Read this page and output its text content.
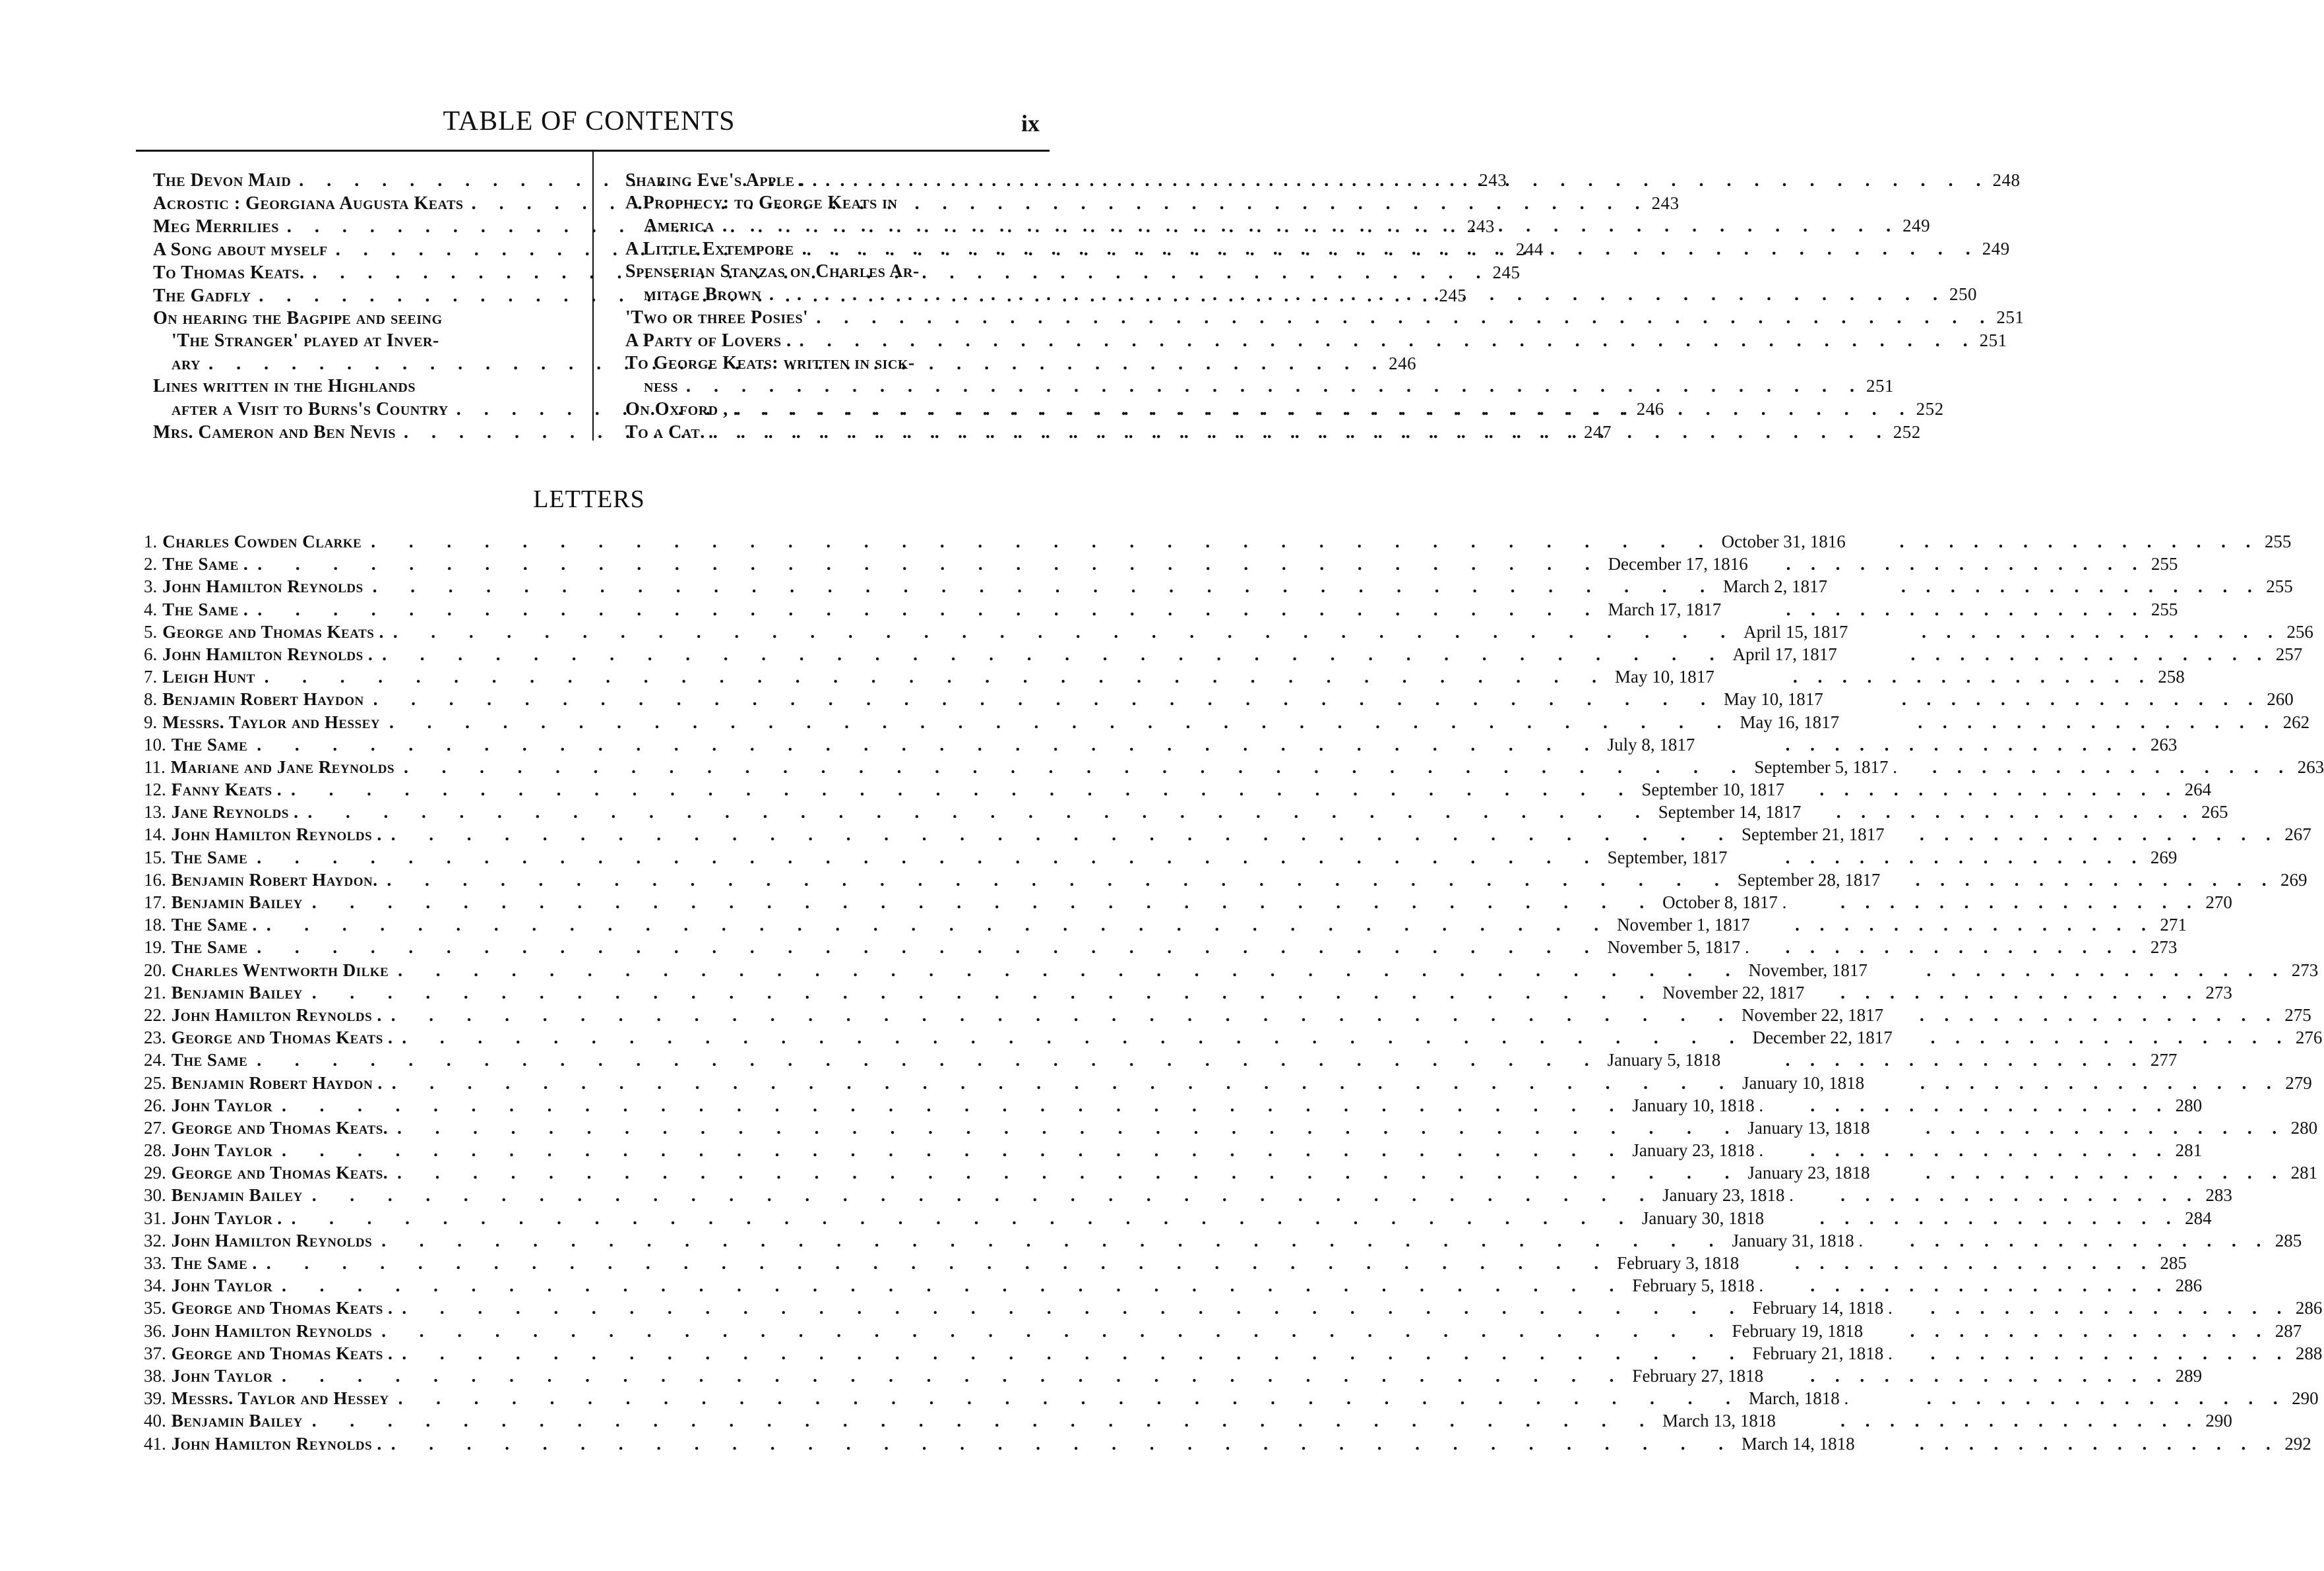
TABLE OF CONTENTS	ix
The Devon Maid . . .	243
Acrostic : Georgiana Augusta Keats . . .	243
Meg Merrilies . . .	243
A Song about myself . . .	244
To Thomas Keats. . . .	245
The Gadfly . . .	245
On hearing the Bagpipe and seeing
'The Stranger' played at Inver-
ary . . .	246
Lines written in the Highlands
after a Visit to Burns's Country . . .	246
Mrs. Cameron and Ben Nevis . . .	247
Sharing Eve's Apple . . . .	248
A Prophecy: to George Keats in
America . . .	249
A Little Extempore . . .	249
Spenserian Stanzas on Charles Ar-
mitage Brown . . .	250
'Two or three Posies' . . .	251
A Party of Lovers . . . .	251
To George Keats: written in sick-
ness . . .	251
On Oxford , . . .	252
To a Cat. . . .	252
LETTERS
1. Charles Cowden Clarke . . .	October 31, 1816 . . .	255
2. The Same . . . .	December 17, 1816 . . .	255
3. John Hamilton Reynolds . . .	March 2, 1817 . . .	255
4. The Same . . . .	March 17, 1817 . . .	255
5. George and Thomas Keats . . . .	April 15, 1817 . . .	256
6. John Hamilton Reynolds . . . .	April 17, 1817 . . .	257
7. Leigh Hunt . . .	May 10, 1817 . . .	258
8. Benjamin Robert Haydon . . .	May 10, 1817 . . .	260
9. Messrs. Taylor and Hessey . . .	May 16, 1817 . . .	262
10. The Same . . .	July 8, 1817 . . .	263
11. Mariane and Jane Reynolds . . .	September 5, 1817 . . . .	263
12. Fanny Keats . . . .	September 10, 1817 . . .	264
13. Jane Reynolds . . . .	September 14, 1817 . . .	265
14. John Hamilton Reynolds . . . .	September 21, 1817 . . .	267
15. The Same . . .	September, 1817 . . .	269
16. Benjamin Robert Haydon. . . .	September 28, 1817 . . .	269
17. Benjamin Bailey . . .	October 8, 1817 . . . .	270
18. The Same . . . .	November 1, 1817 . . .	271
19. The Same . . .	November 5, 1817 . . . .	273
20. Charles Wentworth Dilke . . .	November, 1817 . . .	273
21. Benjamin Bailey . . .	November 22, 1817 . . .	273
22. John Hamilton Reynolds . . . .	November 22, 1817 . . .	275
23. George and Thomas Keats . . . .	December 22, 1817 . . .	276
24. The Same . . .	January 5, 1818 . . .	277
25. Benjamin Robert Haydon . . . .	January 10, 1818 . . .	279
26. John Taylor . . .	January 10, 1818 . . . .	280
27. George and Thomas Keats. . . .	January 13, 1818 . . .	280
28. John Taylor . . .	January 23, 1818 . . . .	281
29. George and Thomas Keats. . . .	January 23, 1818 . . .	281
30. Benjamin Bailey . . .	January 23, 1818 . . . .	283
31. John Taylor . . . .	January 30, 1818 . . .	284
32. John Hamilton Reynolds . . .	January 31, 1818 . . . .	285
33. The Same . . . .	February 3, 1818 . . .	285
34. John Taylor . . .	February 5, 1818 . . . .	286
35. George and Thomas Keats . . . .	February 14, 1818 . . . .	286
36. John Hamilton Reynolds . . .	February 19, 1818 . . .	287
37. George and Thomas Keats . . . .	February 21, 1818 . . . .	288
38. John Taylor . . .	February 27, 1818 . . .	289
39. Messrs. Taylor and Hessey . . .	March, 1818 . . . .	290
40. Benjamin Bailey . . .	March 13, 1818 . . .	290
41. John Hamilton Reynolds . . . .	March 14, 1818 . . .	292
